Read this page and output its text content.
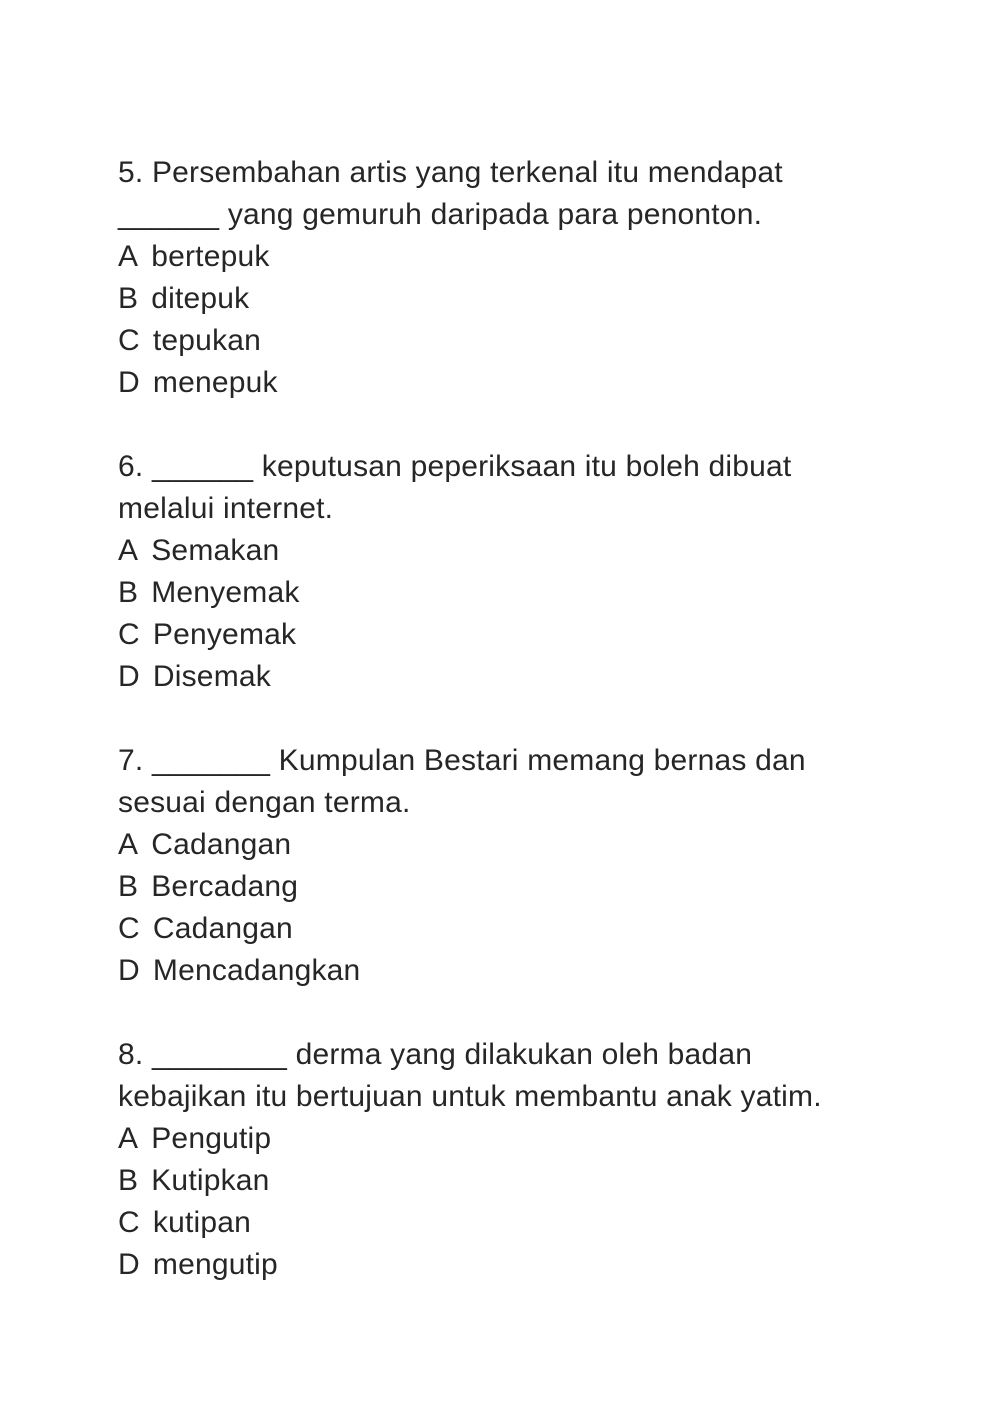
5. Persembahan artis yang terkenal itu mendapat

______ yang gemuruh daripada para penonton.

A bertepuk
B ditepuk
C tepukan
D menepuk

6. ______ keputusan peperiksaan itu boleh dibuat

melalui internet.

A Semakan
B Menyemak
C Penyemak
D Disemak

7. _______ Kumpulan Bestari memang bernas dan

sesuai dengan terma.

A Cadangan
B Bercadang
C Cadangan
D Mencadangkan

8. ________ derma yang dilakukan oleh badan

kebajikan itu bertujuan untuk membantu anak yatim.

A Pengutip
B Kutipkan
C kutipan
D mengutip
